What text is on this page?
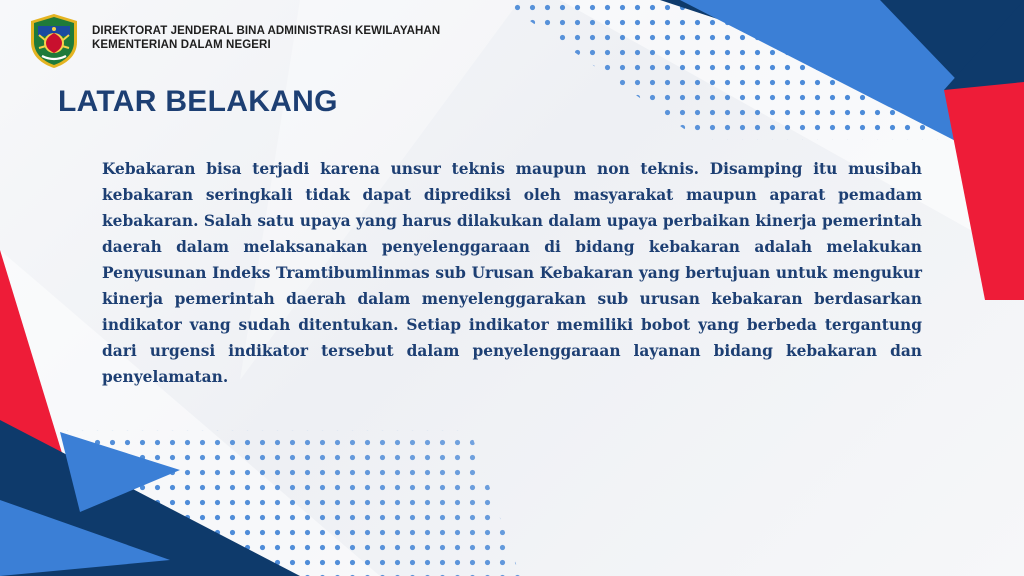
DIREKTORAT JENDERAL BINA ADMINISTRASI KEWILAYAHAN
KEMENTERIAN DALAM NEGERI
LATAR BELAKANG

Kebakaran bisa terjadi karena unsur teknis maupun non teknis. Disamping itu musibah kebakaran seringkali tidak dapat diprediksi oleh masyarakat maupun aparat pemadam kebakaran. Salah satu upaya yang harus dilakukan dalam upaya perbaikan kinerja pemerintah daerah dalam melaksanakan penyelenggaraan di bidang kebakaran adalah melakukan Penyusunan Indeks Tramtibumlinmas sub Urusan Kebakaran yang bertujuan untuk mengukur kinerja pemerintah daerah dalam menyelenggarakan sub urusan kebakaran berdasarkan indikator vang sudah ditentukan. Setiap indikator memiliki bobot yang berbeda tergantung dari urgensi indikator tersebut dalam penyelenggaraan layanan bidang kebakaran dan penyelamatan.
